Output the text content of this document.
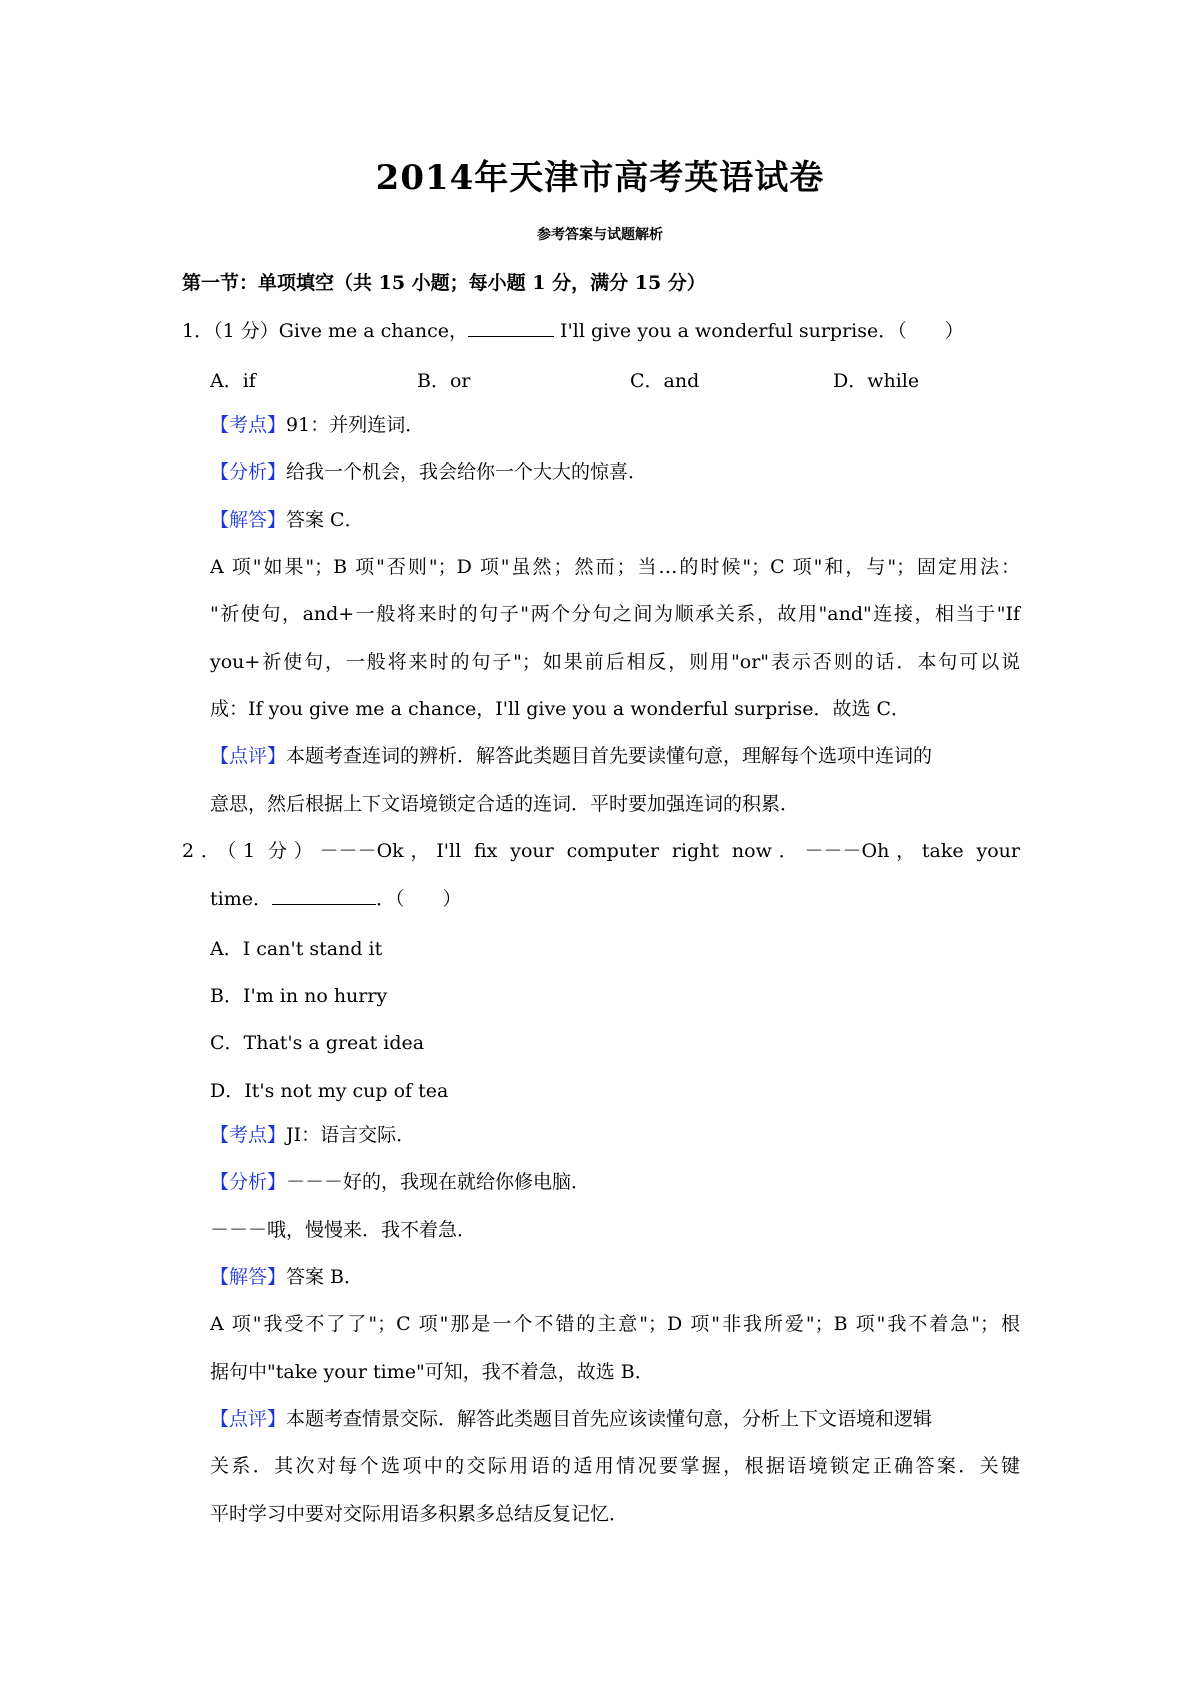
2014年天津市高考英语试卷
参考答案与试题解析
第一节：单项填空（共 15 小题；每小题 1 分，满分 15 分）
1．（1 分）Give me a chance，	I'll give you a wonderful surprise．（　　）
A．if	B．or	C．and	D．while
【考点】91：并列连词．
【分析】给我一个机会，我会给你一个大大的惊喜．
【解答】答案 C．
A 项"如果"；B 项"否则"；D 项"虽然；然而；当…的时候"；C 项"和，与"；固定用法：
"祈使句，and+一般将来时的句子"两个分句之间为顺承关系，故用"and"连接，相当于"If
you+祈使句，一般将来时的句子"；如果前后相反，则用"or"表示否则的话．本句可以说
成：If you give me a chance，I'll give you a wonderful surprise．故选 C．
【点评】本题考查连词的辨析．解答此类题目首先要读懂句意，理解每个选项中连词的
意思，然后根据上下文语境锁定合适的连词．平时要加强连词的积累．
2．（1 分）－－－Ok，I'll fix your computer right now．－－－Oh，take your
time．	．（　　）
A．I can't stand it
B．I'm in no hurry
C．That's a great idea
D．It's not my cup of tea
【考点】JI：语言交际．
【分析】－－－好的，我现在就给你修电脑．
－－－哦，慢慢来．我不着急．
【解答】答案 B．
A 项"我受不了了"；C 项"那是一个不错的主意"；D 项"非我所爱"；B 项"我不着急"；根
据句中"take your time"可知，我不着急，故选 B．
【点评】本题考查情景交际．解答此类题目首先应该读懂句意，分析上下文语境和逻辑
关系．其次对每个选项中的交际用语的适用情况要掌握，根据语境锁定正确答案．关键
平时学习中要对交际用语多积累多总结反复记忆．
